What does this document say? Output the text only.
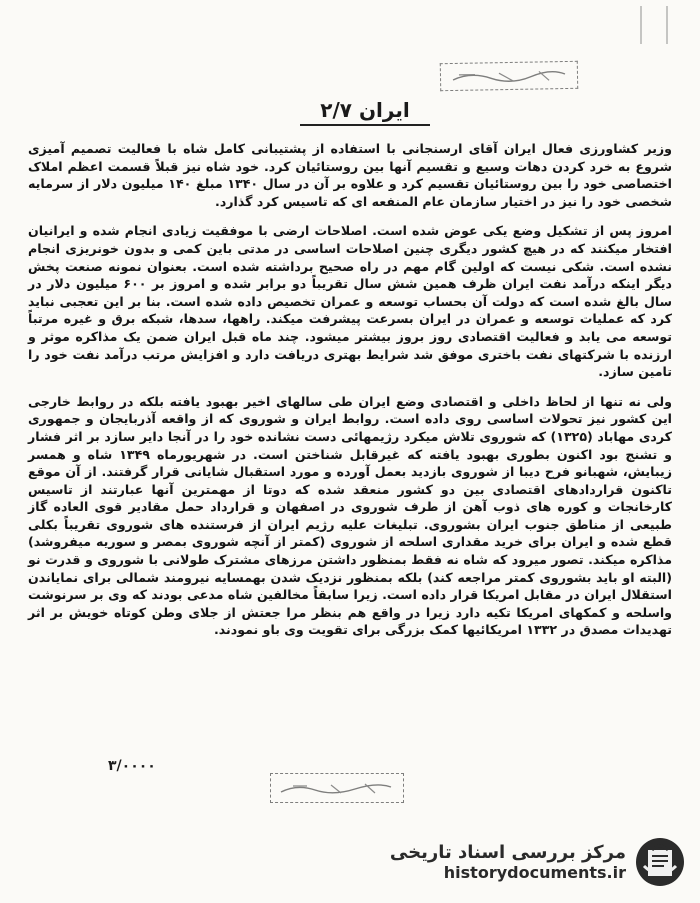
ایران ۲/۷

وزیر کشاورزی فعال ایران آقای ارسنجانی با استفاده از پشتیبانی کامل شاه با فعالیت تصمیم آمیزی شروع به خرد کردن دهات وسیع و تقسیم آنها بین روستائیان کرد. خود شاه نیز قبلاً قسمت اعظم املاک اختصاصی خود را بین روستائیان تقسیم کرد و علاوه بر آن در سال ۱۳۴۰ مبلغ ۱۴۰ میلیون دلار از سرمایه شخصی خود را نیز در اختیار سازمان عام المنفعه ای که تاسیس کرد گذارد.

امروز پس از تشکیل وضع یکی عوض شده است. اصلاحات ارضی با موفقیت زیادی انجام شده و ایرانیان افتخار میکنند که در هیچ کشور دیگری چنین اصلاحات اساسی در مدتی باین کمی و بدون خونریزی انجام نشده است. شکی نیست که اولین گام مهم در راه صحیح برداشته شده است. بعنوان نمونه صنعت پخش دیگر اینکه درآمد نفت ایران ظرف همین شش سال تقریباً دو برابر شده و امروز بر ۶۰۰ میلیون دلار در سال بالغ شده است که دولت آن بحساب توسعه و عمران تخصیص داده شده است. بنا بر این تعجبی نباید کرد که عملیات توسعه و عمران در ایران بسرعت پیشرفت میکند. راهها، سدها، شبکه برق و غیره مرتباً توسعه می یابد و فعالیت اقتصادی روز بروز بیشتر میشود. چند ماه قبل ایران ضمن یک مذاکره موثر و ارزنده با شرکتهای نفت باختری موفق شد شرایط بهتری دریافت دارد و افزایش مرتب درآمد نفت خود را تامین سازد.

ولی نه تنها از لحاظ داخلی و اقتصادی وضع ایران طی سالهای اخیر بهبود یافته بلکه در روابط خارجی این کشور نیز تحولات اساسی روی داده است. روابط ایران و شوروی که از واقعه آذربایجان و جمهوری کردی مهاباد (۱۳۲۵) که شوروی تلاش میکرد رژیمهائی دست نشانده خود را در آنجا دایر سازد بر اثر فشار و تشنج بود اکنون بطوری بهبود یافته که غیرقابل شناختن است. در شهریورماه ۱۳۴۹ شاه و همسر زیبایش، شهبانو فرح دیبا از شوروی بازدید بعمل آورده و مورد استقبال شایانی قرار گرفتند. از آن موقع تاکنون قراردادهای اقتصادی بین دو کشور منعقد شده که دوتا از مهمترین آنها عبارتند از تاسیس کارخانجات و کوره های ذوب آهن از طرف شوروی در اصفهان و قرارداد حمل مقادیر قوی العاده گاز طبیعی از مناطق جنوب ایران بشوروی. تبلیغات علیه رژیم ایران از فرستنده های شوروی تقریباً بکلی قطع شده و ایران برای خرید مقداری اسلحه از شوروی (کمتر از آنچه شوروی بمصر و سوریه میفروشد) مذاکره میکند. تصور میرود که شاه نه فقط بمنظور داشتن مرزهای مشترک طولانی با شوروی و قدرت نو (البته او باید بشوروی کمتر مراجعه کند) بلکه بمنظور نزدیک شدن بهمسایه نیرومند شمالی برای نمایاندن استقلال ایران در مقابل امریکا قرار داده است. زیرا سابقاً مخالفین شاه مدعی بودند که وی بر سرنوشت واسلحه و کمکهای امریکا تکیه دارد زیرا در واقع هم بنظر مرا جعتش از جلای وطن کوتاه خویش بر اثر تهدیدات مصدق در ۱۳۳۲ امریکائیها کمک بزرگی برای تقویت وی باو نمودند.

۳/۰۰۰۰
مرکز بررسی اسناد تاریخی
historydocuments.ir
